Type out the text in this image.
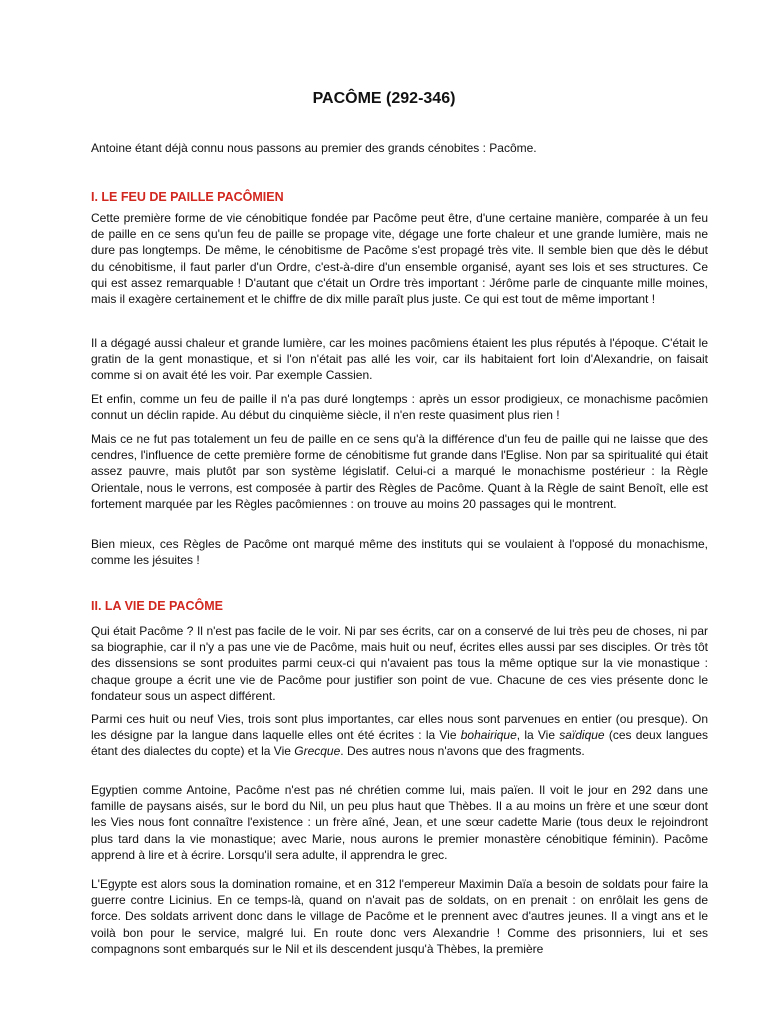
PACÔME (292-346)
Antoine étant déjà connu nous passons au premier des grands cénobites : Pacôme.
I. LE FEU DE PAILLE PACÔMIEN
Cette première forme de vie cénobitique fondée par Pacôme peut être, d'une certaine manière, comparée à un feu de paille en ce sens qu'un feu de paille se propage vite, dégage une forte chaleur et une grande lumière, mais ne dure pas longtemps. De même, le cénobitisme de Pacôme s'est propagé très vite. Il semble bien que dès le début du cénobitisme, il faut parler d'un Ordre, c'est-à-dire d'un ensemble organisé, ayant ses lois et ses structures. Ce qui est assez remarquable ! D'autant que c'était un Ordre très important : Jérôme parle de cinquante mille moines, mais il exagère certainement et le chiffre de dix mille paraît plus juste. Ce qui est tout de même important !
Il a dégagé aussi chaleur et grande lumière, car les moines pacômiens étaient les plus réputés à l'époque. C'était le gratin de la gent monastique, et si l'on n'était pas allé les voir, car ils habitaient fort loin d'Alexandrie, on faisait comme si on avait été les voir. Par exemple Cassien.
Et enfin, comme un feu de paille il n'a pas duré longtemps : après un essor prodigieux, ce monachisme pacômien connut un déclin rapide. Au début du cinquième siècle, il n'en reste quasiment plus rien !
Mais ce ne fut pas totalement un feu de paille en ce sens qu'à la différence d'un feu de paille qui ne laisse que des cendres, l'influence de cette première forme de cénobitisme fut grande dans l'Eglise. Non par sa spiritualité qui était assez pauvre, mais plutôt par son système législatif. Celui-ci a marqué le monachisme postérieur : la Règle Orientale, nous le verrons, est composée à partir des Règles de Pacôme. Quant à la Règle de saint Benoît, elle est fortement marquée par les Règles pacômiennes : on trouve au moins 20 passages qui le montrent.
Bien mieux, ces Règles de Pacôme ont marqué même des instituts qui se voulaient à l'opposé du monachisme, comme les jésuites !
II. LA VIE DE PACÔME
Qui était Pacôme ? Il n'est pas facile de le voir. Ni par ses écrits, car on a conservé de lui très peu de choses, ni par sa biographie, car il n'y a pas une vie de Pacôme, mais huit ou neuf, écrites elles aussi par ses disciples. Or très tôt des dissensions se sont produites parmi ceux-ci qui n'avaient pas tous la même optique sur la vie monastique : chaque groupe a écrit une vie de Pacôme pour justifier son point de vue. Chacune de ces vies présente donc le fondateur sous un aspect différent.
Parmi ces huit ou neuf Vies, trois sont plus importantes, car elles nous sont parvenues en entier (ou presque). On les désigne par la langue dans laquelle elles ont été écrites : la Vie bohairique, la Vie saïdique (ces deux langues étant des dialectes du copte) et la Vie Grecque. Des autres nous n'avons que des fragments.
Egyptien comme Antoine, Pacôme n'est pas né chrétien comme lui, mais païen. Il voit le jour en 292 dans une famille de paysans aisés, sur le bord du Nil, un peu plus haut que Thèbes. Il a au moins un frère et une sœur dont les Vies nous font connaître l'existence : un frère aîné, Jean, et une sœur cadette Marie (tous deux le rejoindront plus tard dans la vie monastique; avec Marie, nous aurons le premier monastère cénobitique féminin). Pacôme apprend à lire et à écrire. Lorsqu'il sera adulte, il apprendra le grec.
L'Egypte est alors sous la domination romaine, et en 312 l'empereur Maximin Daïa a besoin de soldats pour faire la guerre contre Licinius. En ce temps-là, quand on n'avait pas de soldats, on en prenait : on enrôlait les gens de force. Des soldats arrivent donc dans le village de Pacôme et le prennent avec d'autres jeunes. Il a vingt ans et le voilà bon pour le service, malgré lui. En route donc vers Alexandrie ! Comme des prisonniers, lui et ses compagnons sont embarqués sur le Nil et ils descendent jusqu'à Thèbes, la première
